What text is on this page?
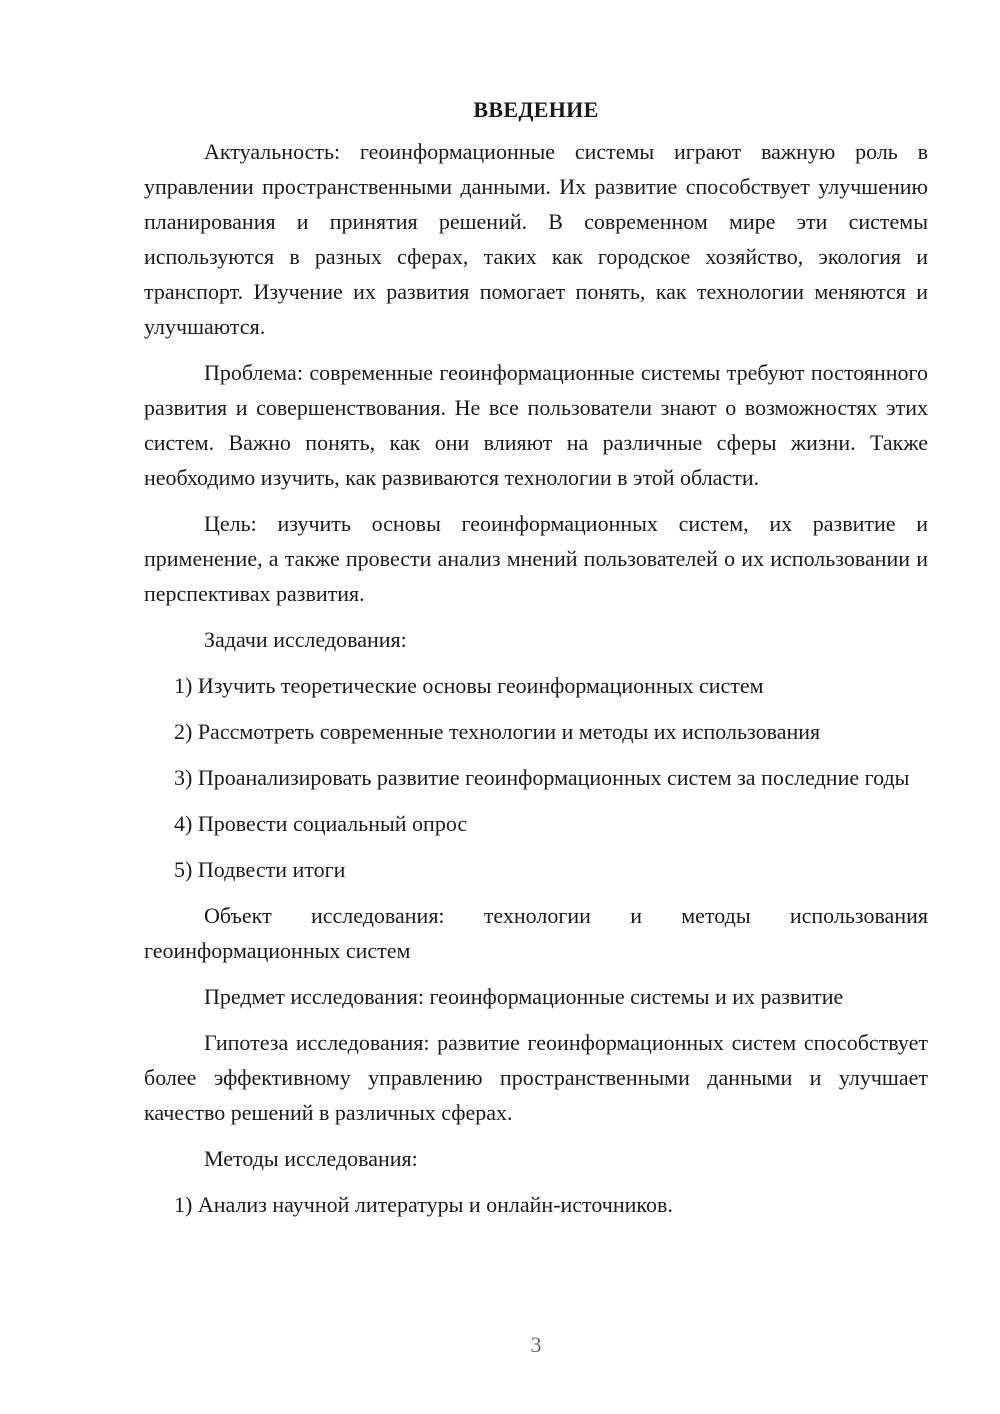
ВВЕДЕНИЕ

Актуальность: геоинформационные системы играют важную роль в управлении пространственными данными. Их развитие способствует улучшению планирования и принятия решений. В современном мире эти системы используются в разных сферах, таких как городское хозяйство, экология и транспорт. Изучение их развития помогает понять, как технологии меняются и улучшаются.

Проблема: современные геоинформационные системы требуют постоянного развития и совершенствования. Не все пользователи знают о возможностях этих систем. Важно понять, как они влияют на различные сферы жизни. Также необходимо изучить, как развиваются технологии в этой области.

Цель: изучить основы геоинформационных систем, их развитие и применение, а также провести анализ мнений пользователей о их использовании и перспективах развития.

Задачи исследования:

1) Изучить теоретические основы геоинформационных систем

2) Рассмотреть современные технологии и методы их использования

3) Проанализировать развитие геоинформационных систем за последние годы

4) Провести социальный опрос

5) Подвести итоги

Объект исследования: технологии и методы использования геоинформационных систем

Предмет исследования: геоинформационные системы и их развитие

Гипотеза исследования: развитие геоинформационных систем способствует более эффективному управлению пространственными данными и улучшает качество решений в различных сферах.

Методы исследования:

1) Анализ научной литературы и онлайн-источников.

3
